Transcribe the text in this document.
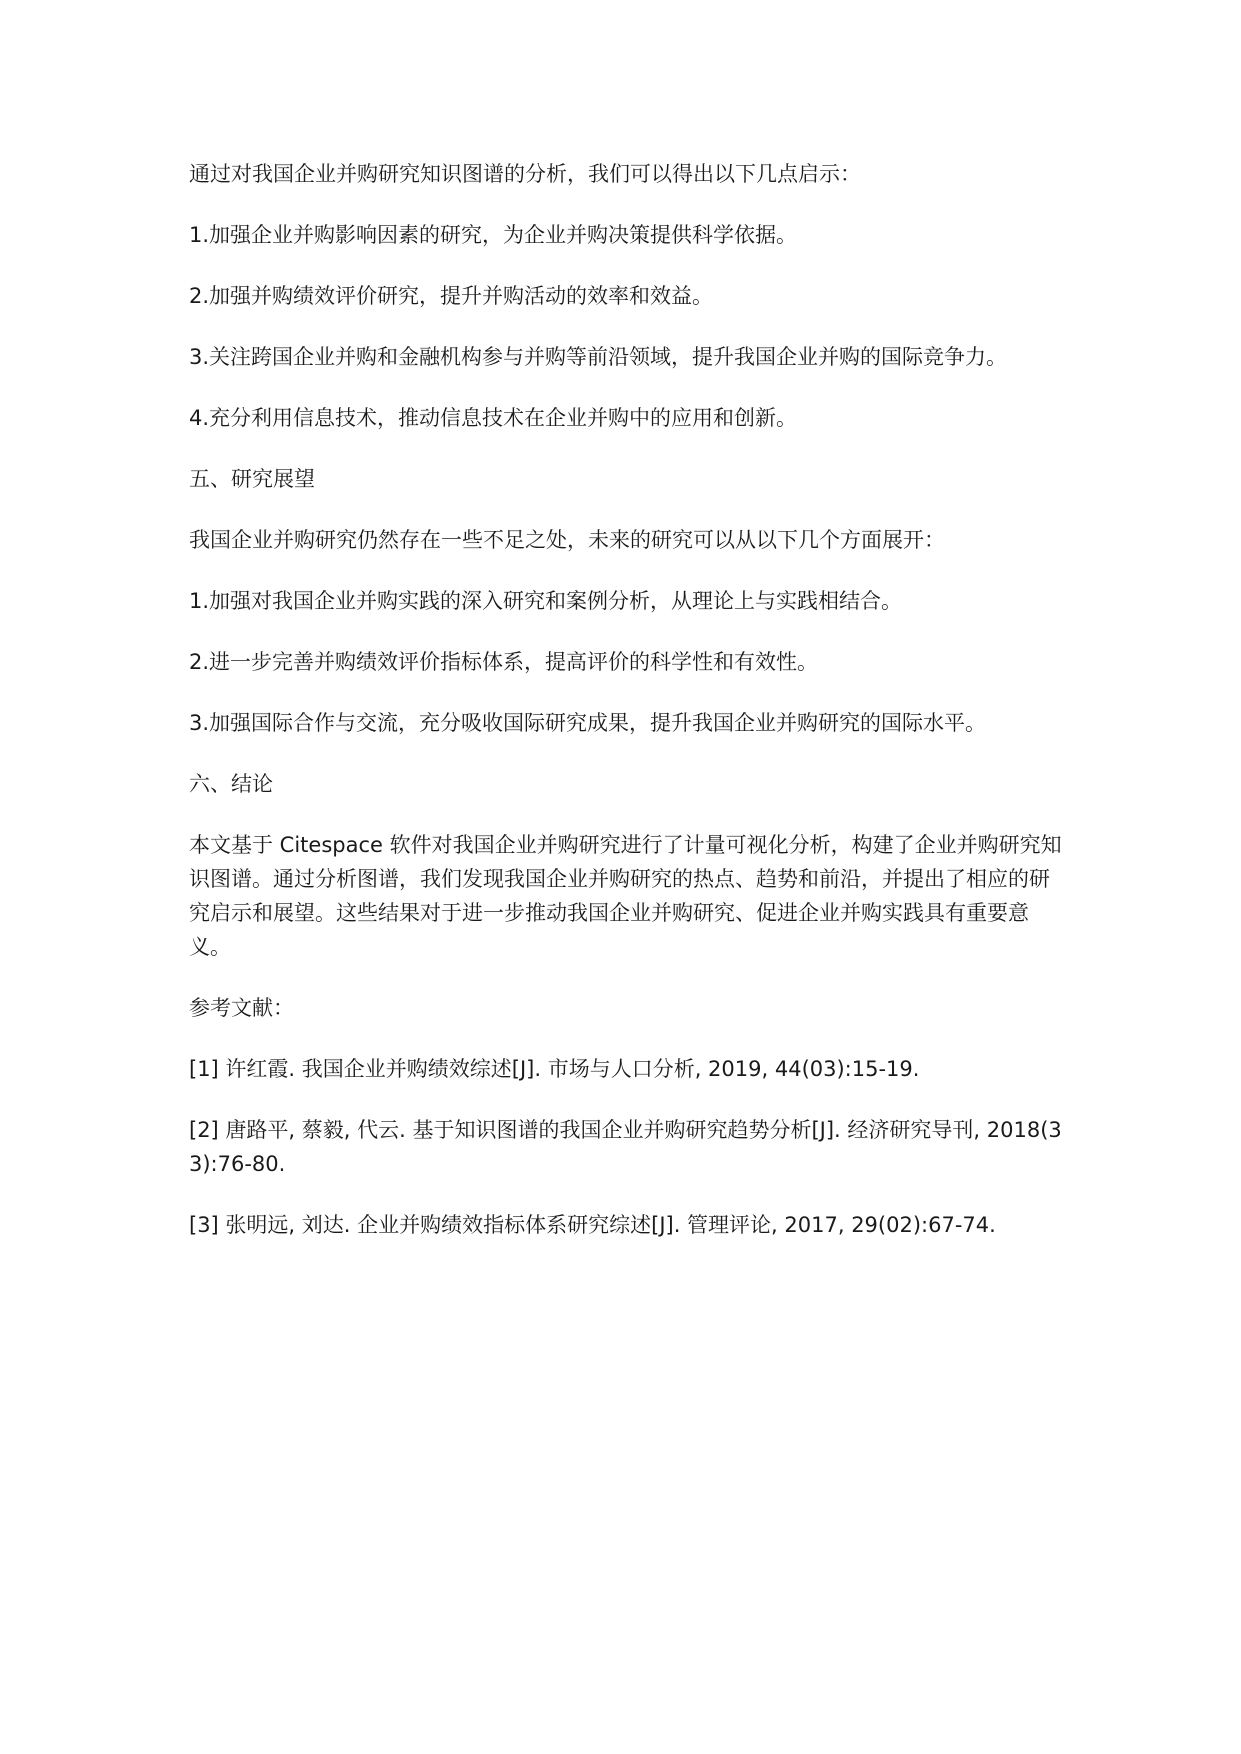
通过对我国企业并购研究知识图谱的分析，我们可以得出以下几点启示：

1.加强企业并购影响因素的研究，为企业并购决策提供科学依据。

2.加强并购绩效评价研究，提升并购活动的效率和效益。

3.关注跨国企业并购和金融机构参与并购等前沿领域，提升我国企业并购的国际竞争力。

4.充分利用信息技术，推动信息技术在企业并购中的应用和创新。

五、研究展望

我国企业并购研究仍然存在一些不足之处，未来的研究可以从以下几个方面展开：

1.加强对我国企业并购实践的深入研究和案例分析，从理论上与实践相结合。

2.进一步完善并购绩效评价指标体系，提高评价的科学性和有效性。

3.加强国际合作与交流，充分吸收国际研究成果，提升我国企业并购研究的国际水平。

六、结论

本文基于 Citespace 软件对我国企业并购研究进行了计量可视化分析，构建了企业并购研究知识图谱。通过分析图谱，我们发现我国企业并购研究的热点、趋势和前沿，并提出了相应的研究启示和展望。这些结果对于进一步推动我国企业并购研究、促进企业并购实践具有重要意义。

参考文献：

[1] 许红霞. 我国企业并购绩效综述[J]. 市场与人口分析, 2019, 44(03):15-19.

[2] 唐路平, 蔡毅, 代云. 基于知识图谱的我国企业并购研究趋势分析[J]. 经济研究导刊, 2018(33):76-80.

[3] 张明远, 刘达. 企业并购绩效指标体系研究综述[J]. 管理评论, 2017, 29(02):67-74.
